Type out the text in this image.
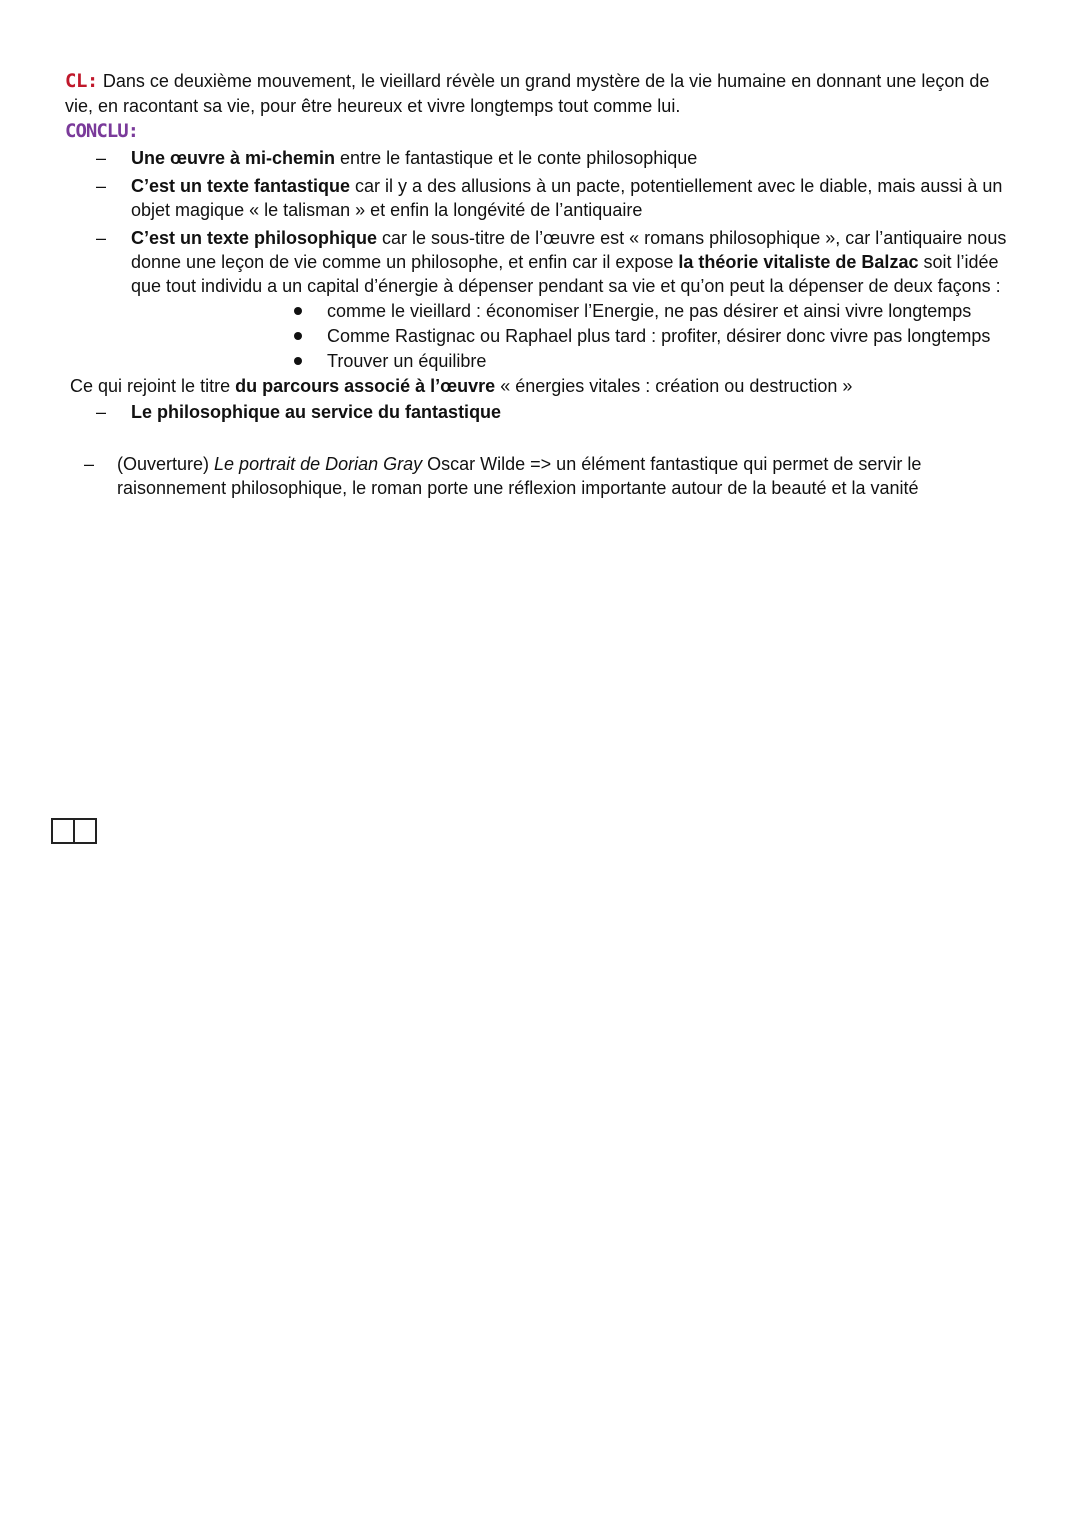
CL: Dans ce deuxième mouvement, le vieillard révèle un grand mystère de la vie humaine en donnant une leçon de
vie, en racontant sa vie, pour être heureux et vivre longtemps tout comme lui.
CONCLU:
– Une œuvre à mi-chemin entre le fantastique et le conte philosophique
– C’est un texte fantastique car il y a des allusions à un pacte, potentiellement avec le diable, mais aussi à un
objet magique « le talisman » et enfin la longévité de l’antiquaire
– C’est un texte philosophique car le sous-titre de l’œuvre est « romans philosophique », car l’antiquaire nous
donne une leçon de vie comme un philosophe, et enfin car il expose la théorie vitaliste de Balzac soit l’idée
que tout individu a un capital d’énergie à dépenser pendant sa vie et qu’on peut la dépenser de deux façons :
comme le vieillard : économiser l’Energie, ne pas désirer et ainsi vivre longtemps
Comme Rastignac ou Raphael plus tard : profiter, désirer donc vivre pas longtemps
Trouver un équilibre
Ce qui rejoint le titre du parcours associé à l’œuvre « énergies vitales : création ou destruction »
– Le philosophique au service du fantastique
– (Ouverture) Le portrait de Dorian Gray Oscar Wilde => un élément fantastique qui permet de servir le
raisonnement philosophique, le roman porte une réflexion importante autour de la beauté et la vanité
